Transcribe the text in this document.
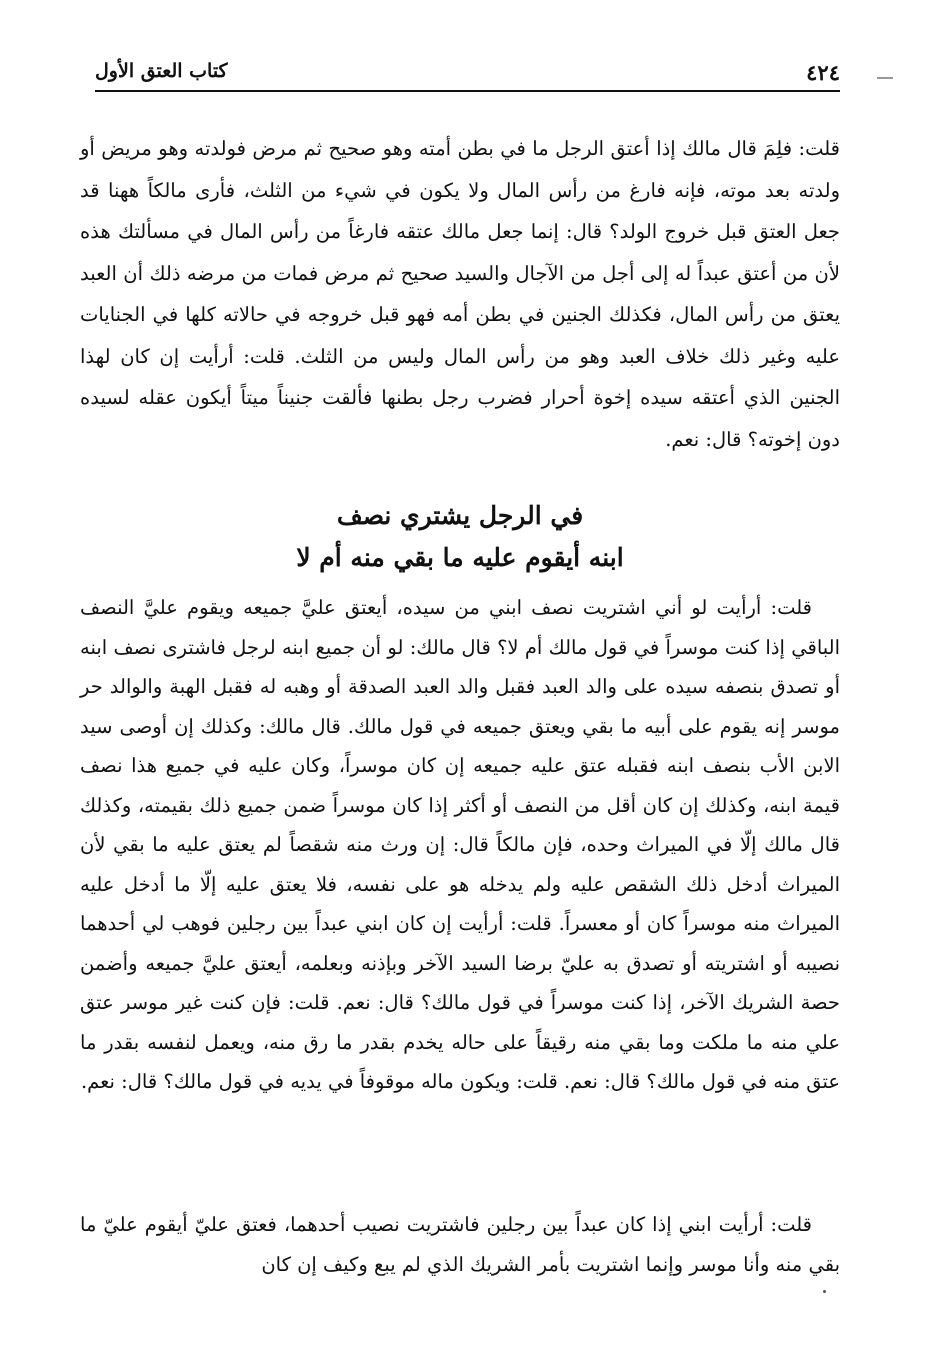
كتاب العتق الأول	٤٢٤
قلت: فلِمَ قال مالك إذا أعتق الرجل ما في بطن أمته وهو صحيح ثم مرض فولدته وهو مريض أو ولدته بعد موته، فإنه فارغ من رأس المال ولا يكون في شيء من الثلث، فأرى مالكاً ههنا قد جعل العتق قبل خروج الولد؟ قال: إنما جعل مالك عتقه فارغاً من رأس المال في مسألتك هذه لأن من أعتق عبداً له إلى أجل من الآجال والسيد صحيح ثم مرض فمات من مرضه ذلك أن العبد يعتق من رأس المال، فكذلك الجنين في بطن أمه فهو قبل خروجه في حالاته كلها في الجنايات عليه وغير ذلك خلاف العبد وهو من رأس المال وليس من الثلث. قلت: أرأيت إن كان لهذا الجنين الذي أعتقه سيده إخوة أحرار فضرب رجل بطنها فألقت جنيناً ميتاً أيكون عقله لسيده دون إخوته؟ قال: نعم.
في الرجل يشتري نصف
ابنه أيقوم عليه ما بقي منه أم لا
قلت: أرأيت لو أني اشتريت نصف ابني من سيده، أيعتق عليَّ جميعه ويقوم عليَّ النصف الباقي إذا كنت موسراً في قول مالك أم لا؟ قال مالك: لو أن جميع ابنه لرجل فاشترى نصف ابنه أو تصدق بنصفه سيده على والد العبد فقبل والد العبد الصدقة أو وهبه له فقبل الهبة والوالد حر موسر إنه يقوم على أبيه ما بقي ويعتق جميعه في قول مالك. قال مالك: وكذلك إن أوصى سيد الابن الأب بنصف ابنه فقبله عتق عليه جميعه إن كان موسراً، وكان عليه في جميع هذا نصف قيمة ابنه، وكذلك إن كان أقل من النصف أو أكثر إذا كان موسراً ضمن جميع ذلك بقيمته، وكذلك قال مالك إلّا في الميراث وحده، فإن مالكاً قال: إن ورث منه شقصاً لم يعتق عليه ما بقي لأن الميراث أدخل ذلك الشقص عليه ولم يدخله هو على نفسه، فلا يعتق عليه إلّا ما أدخل عليه الميراث منه موسراً كان أو معسراً. قلت: أرأيت إن كان ابني عبداً بين رجلين فوهب لي أحدهما نصيبه أو اشتريته أو تصدق به عليّ برضا السيد الآخر وبإذنه وبعلمه، أيعتق عليَّ جميعه وأضمن حصة الشريك الآخر، إذا كنت موسراً في قول مالك؟ قال: نعم. قلت: فإن كنت غير موسر عتق علي منه ما ملكت وما بقي منه رقيقاً على حاله يخدم بقدر ما رق منه، ويعمل لنفسه بقدر ما عتق منه في قول مالك؟ قال: نعم. قلت: ويكون ماله موقوفاً في يديه في قول مالك؟ قال: نعم.
قلت: أرأيت ابني إذا كان عبداً بين رجلين فاشتريت نصيب أحدهما، فعتق عليّ أيقوم عليّ ما بقي منه وأنا موسر وإنما اشتريت بأمر الشريك الذي لم يبع وكيف إن كان
